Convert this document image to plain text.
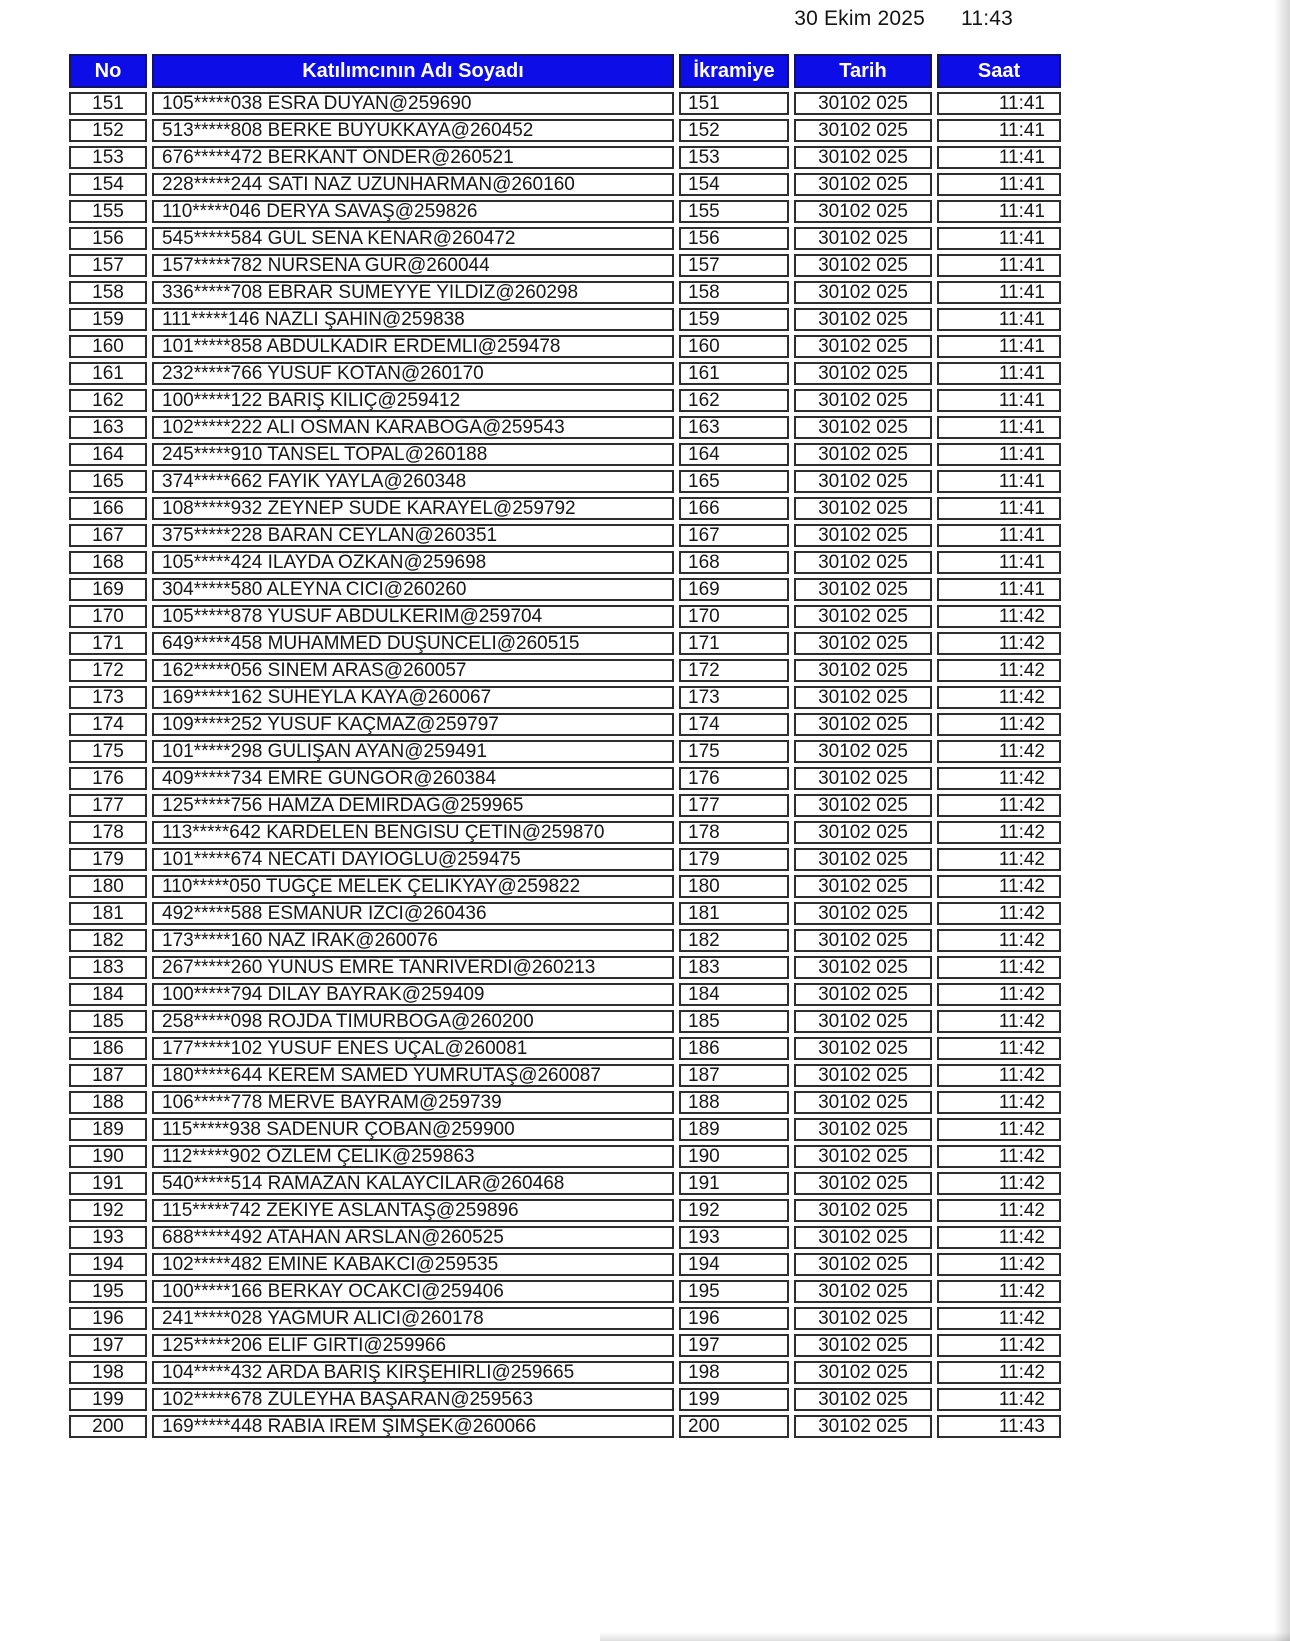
30 Ekim 2025 11:43
No	Katılımcının Adı Soyadı	İkramiye	Tarih	Saat
151	105*****038 ESRA DUYAN@259690	151	30102 025	11:41
152	513*****808 BERKE BÜYÜKKAYA@260452	152	30102 025	11:41
153	676*****472 BERKANT ÖNDER@260521	153	30102 025	11:41
154	228*****244 SATI NAZ UZUNHARMAN@260160	154	30102 025	11:41
155	110*****046 DERYA SAVAŞ@259826	155	30102 025	11:41
156	545*****584 GÜL SENA KENAR@260472	156	30102 025	11:41
157	157*****782 NURSENA GÜR@260044	157	30102 025	11:41
158	336*****708 EBRAR SÜMEYYE YILDIZ@260298	158	30102 025	11:41
159	111*****146 NAZLI ŞAHİN@259838	159	30102 025	11:41
160	101*****858 ABDÜLKADİR ERDEMLİ@259478	160	30102 025	11:41
161	232*****766 YUSUF KOTAN@260170	161	30102 025	11:41
162	100*****122 BARIŞ KILIÇ@259412	162	30102 025	11:41
163	102*****222 ALİ OSMAN KARABOĞA@259543	163	30102 025	11:41
164	245*****910 TANSEL TOPAL@260188	164	30102 025	11:41
165	374*****662 FAYIK YAYLA@260348	165	30102 025	11:41
166	108*****932 ZEYNEP SUDE KARAYEL@259792	166	30102 025	11:41
167	375*****228 BARAN CEYLAN@260351	167	30102 025	11:41
168	105*****424 İLAYDA ÖZKAN@259698	168	30102 025	11:41
169	304*****580 ALEYNA CİCİ@260260	169	30102 025	11:41
170	105*****878 YUSUF ABDULKERİM@259704	170	30102 025	11:42
171	649*****458 MUHAMMED DÜŞÜNCELİ@260515	171	30102 025	11:42
172	162*****056 SİNEM ARAS@260057	172	30102 025	11:42
173	169*****162 SÜHEYLA KAYA@260067	173	30102 025	11:42
174	109*****252 YUSUF KAÇMAZ@259797	174	30102 025	11:42
175	101*****298 GÜLİŞAN AYAN@259491	175	30102 025	11:42
176	409*****734 EMRE GÜNGÖR@260384	176	30102 025	11:42
177	125*****756 HAMZA DEMİRDAĞ@259965	177	30102 025	11:42
178	113*****642 KARDELEN BENGİSU ÇETİN@259870	178	30102 025	11:42
179	101*****674 NECATİ DAYIOĞLU@259475	179	30102 025	11:42
180	110*****050 TUĞÇE MELEK ÇELİKYAY@259822	180	30102 025	11:42
181	492*****588 ESMANUR İZCİ@260436	181	30102 025	11:42
182	173*****160 NAZ IRAK@260076	182	30102 025	11:42
183	267*****260 YUNUS EMRE TANRIVERDİ@260213	183	30102 025	11:42
184	100*****794 DİLAY BAYRAK@259409	184	30102 025	11:42
185	258*****098 ROJDA TİMURBOĞA@260200	185	30102 025	11:42
186	177*****102 YUSUF ENES ÜÇAL@260081	186	30102 025	11:42
187	180*****644 KEREM SAMED YUMRUTAŞ@260087	187	30102 025	11:42
188	106*****778 MERVE BAYRAM@259739	188	30102 025	11:42
189	115*****938 SADENUR ÇOBAN@259900	189	30102 025	11:42
190	112*****902 ÖZLEM ÇELİK@259863	190	30102 025	11:42
191	540*****514 RAMAZAN KALAYCILAR@260468	191	30102 025	11:42
192	115*****742 ZEKİYE ASLANTAŞ@259896	192	30102 025	11:42
193	688*****492 ATAHAN ARSLAN@260525	193	30102 025	11:42
194	102*****482 EMİNE KABAKCI@259535	194	30102 025	11:42
195	100*****166 BERKAY OCAKCI@259406	195	30102 025	11:42
196	241*****028 YAĞMUR ALICI@260178	196	30102 025	11:42
197	125*****206 ELİF GİRTİ@259966	197	30102 025	11:42
198	104*****432 ARDA BARIŞ KIRŞEHİRLİ@259665	198	30102 025	11:42
199	102*****678 ZÜLEYHA BAŞARAN@259563	199	30102 025	11:42
200	169*****448 RABİA İREM ŞİMŞEK@260066	200	30102 025	11:43
